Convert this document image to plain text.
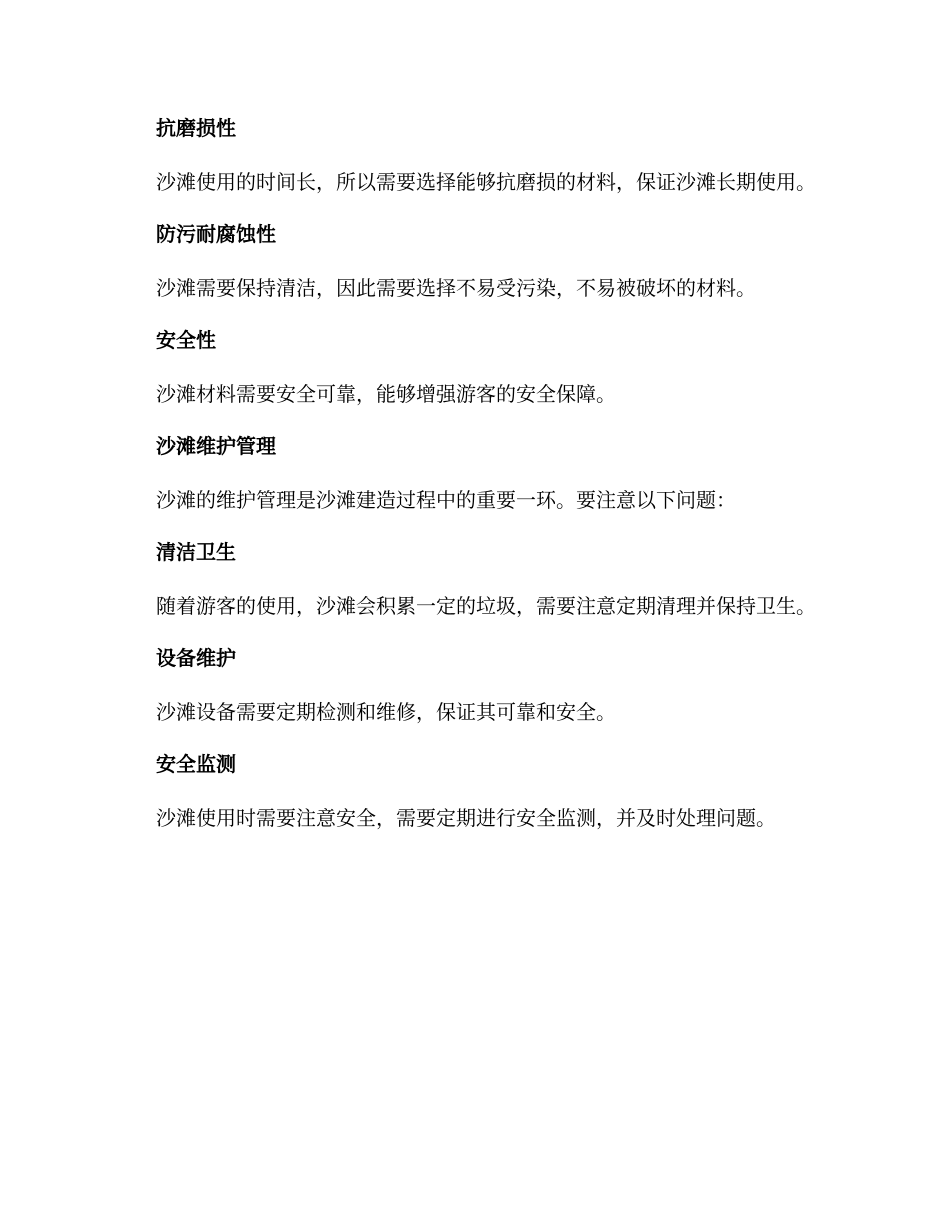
抗磨损性

沙滩使用的时间长，所以需要选择能够抗磨损的材料，保证沙滩长期使用。

防污耐腐蚀性

沙滩需要保持清洁，因此需要选择不易受污染，不易被破坏的材料。

安全性

沙滩材料需要安全可靠，能够增强游客的安全保障。

沙滩维护管理

沙滩的维护管理是沙滩建造过程中的重要一环。要注意以下问题：

清洁卫生

随着游客的使用，沙滩会积累一定的垃圾，需要注意定期清理并保持卫生。

设备维护

沙滩设备需要定期检测和维修，保证其可靠和安全。

安全监测

沙滩使用时需要注意安全，需要定期进行安全监测，并及时处理问题。
